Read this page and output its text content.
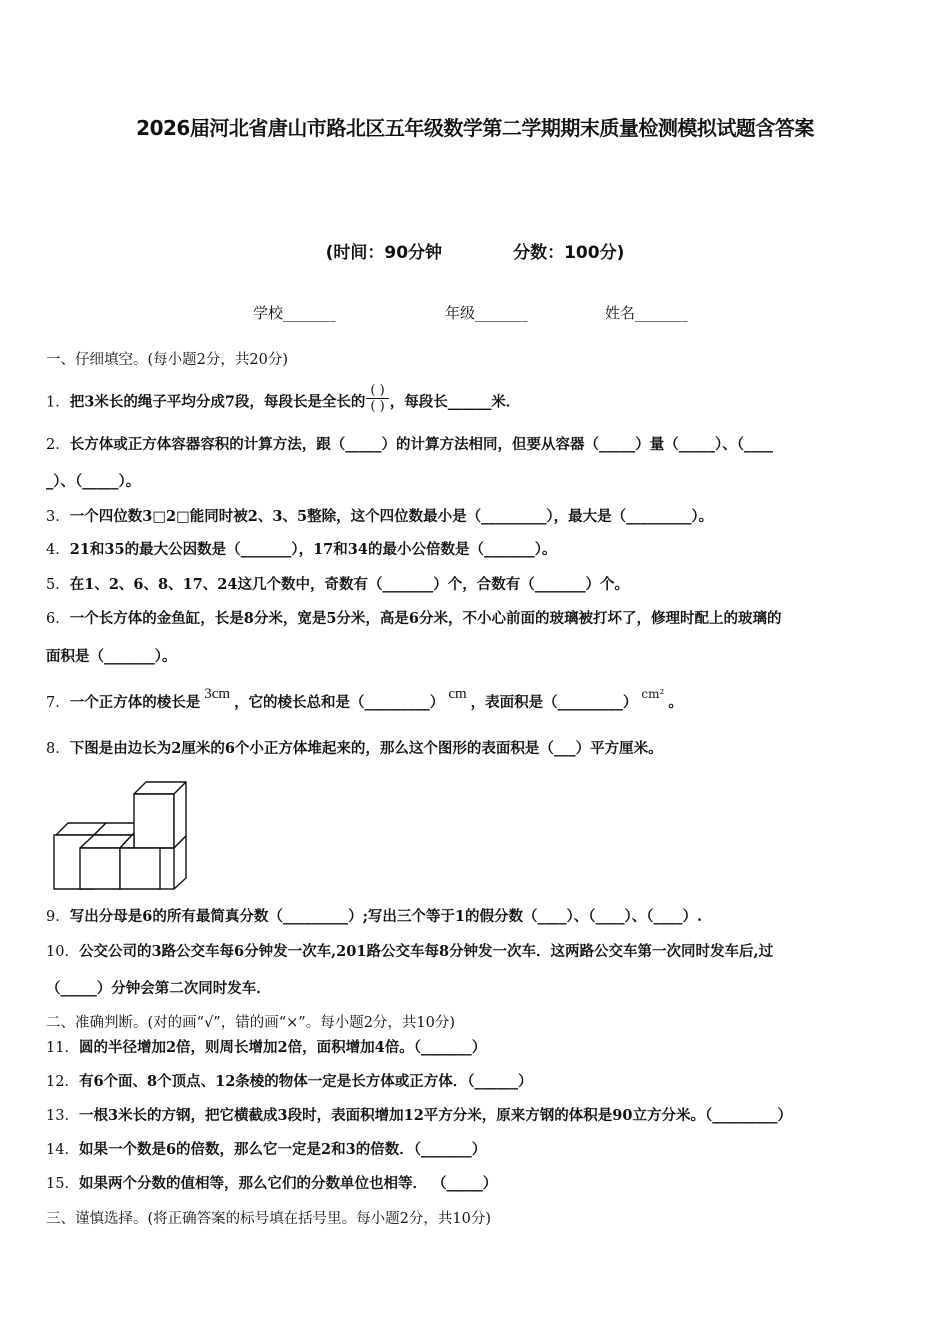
2026届河北省唐山市路北区五年级数学第二学期期末质量检测模拟试题含答案
(时间：90分钟	分数：100分)
学校_______	年级_______	姓名_______
一、仔细填空。(每小题2分，共20分)
1．把3米长的绳子平均分成7段，每段长是全长的 $\frac{( )}{( )}$ ，每段长______米．
2．长方体或正方体容器容积的计算方法，跟（_____）的计算方法相同，但要从容器（_____）量（_____）、（____
_）、（_____）。
3．一个四位数3□2□能同时被2、3、5整除，这个四位数最小是（_________），最大是（_________）。
4．21和35的最大公因数是（_______），17和34的最小公倍数是（_______）。
5．在1、2、6、8、17、24这几个数中，奇数有（_______）个，合数有（_______）个。
6．一个长方体的金鱼缸，长是8分米，宽是5分米，高是6分米，不小心前面的玻璃被打坏了，修理时配上的玻璃的
面积是（_______）。
7．一个正方体的棱长是 3cm ，它的棱长总和是（_________） cm ，表面积是（_________） $^{cm^2}$ 。
8．下图是由边长为2厘米的6个小正方体堆起来的，那么这个图形的表面积是（___）平方厘米。
9．写出分母是6的所有最简真分数（_________）;写出三个等于1的假分数（____）、（____）、（____）.
10．公交公司的3路公交车每6分钟发一次车,201路公交车每8分钟发一次车．这两路公交车第一次同时发车后,过
（_____）分钟会第二次同时发车．
二、准确判断。(对的画“√”，错的画“×”。每小题2分，共10分)
11．圆的半径增加2倍，则周长增加2倍，面积增加4倍。（_______）
12．有6个面、8个顶点、12条棱的物体一定是长方体或正方体．（______）
13．一根3米长的方钢，把它横截成3段时，表面积增加12平方分米，原来方钢的体积是90立方分米。（_________）
14．如果一个数是6的倍数，那么它一定是2和3的倍数．（_______）
15．如果两个分数的值相等，那么它们的分数单位也相等． （_____）
三、谨慎选择。(将正确答案的标号填在括号里。每小题2分，共10分)
